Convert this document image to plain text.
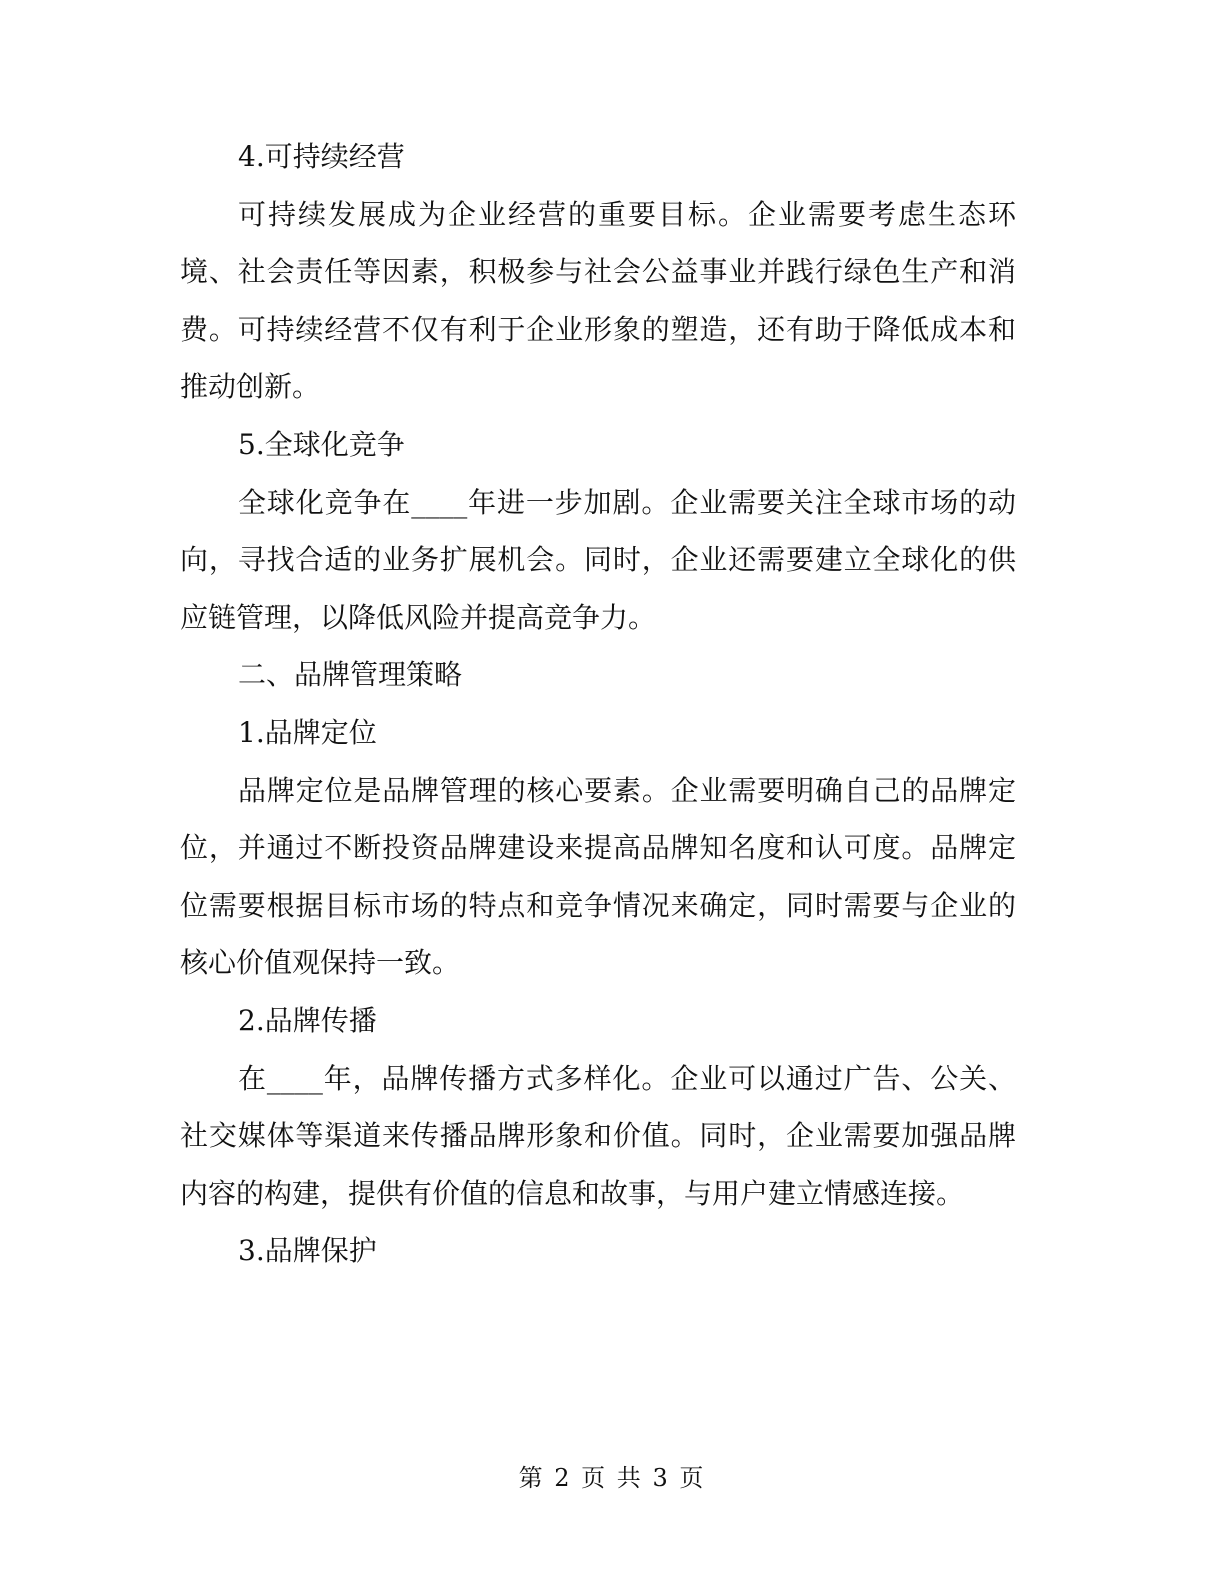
4.可持续经营

可持续发展成为企业经营的重要目标。企业需要考虑生态环境、社会责任等因素，积极参与社会公益事业并践行绿色生产和消费。可持续经营不仅有利于企业形象的塑造，还有助于降低成本和推动创新。

5.全球化竞争

全球化竞争在____年进一步加剧。企业需要关注全球市场的动向，寻找合适的业务扩展机会。同时，企业还需要建立全球化的供应链管理，以降低风险并提高竞争力。

二、品牌管理策略

1.品牌定位

品牌定位是品牌管理的核心要素。企业需要明确自己的品牌定位，并通过不断投资品牌建设来提高品牌知名度和认可度。品牌定位需要根据目标市场的特点和竞争情况来确定，同时需要与企业的核心价值观保持一致。

2.品牌传播

在____年，品牌传播方式多样化。企业可以通过广告、公关、社交媒体等渠道来传播品牌形象和价值。同时，企业需要加强品牌内容的构建，提供有价值的信息和故事，与用户建立情感连接。

3.品牌保护

第 2 页 共 3 页
